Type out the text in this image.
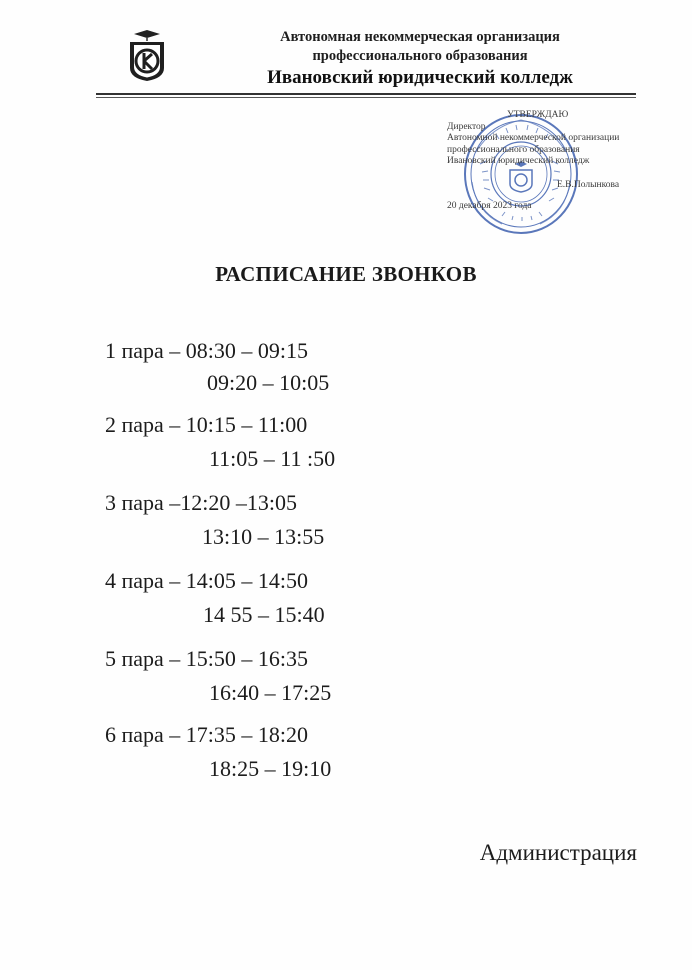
Автономная некоммерческая организация
профессионального образования
Ивановский юридический колледж
УТВЕРЖДАЮ
Директор
Автономной некоммерческой организации
профессионального образования
Ивановский юридический колледж
Е.В.Полынкова
20 декабря 2023 года
РАСПИСАНИЕ ЗВОНКОВ
1 пара – 08:30 – 09:15
09:20 – 10:05
2 пара – 10:15 – 11:00
11:05 – 11 :50
3 пара –12:20 –13:05
13:10 – 13:55
4 пара – 14:05 – 14:50
14 55 – 15:40
5 пара – 15:50 – 16:35
16:40 – 17:25
6 пара – 17:35 – 18:20
18:25 – 19:10
Администрация
